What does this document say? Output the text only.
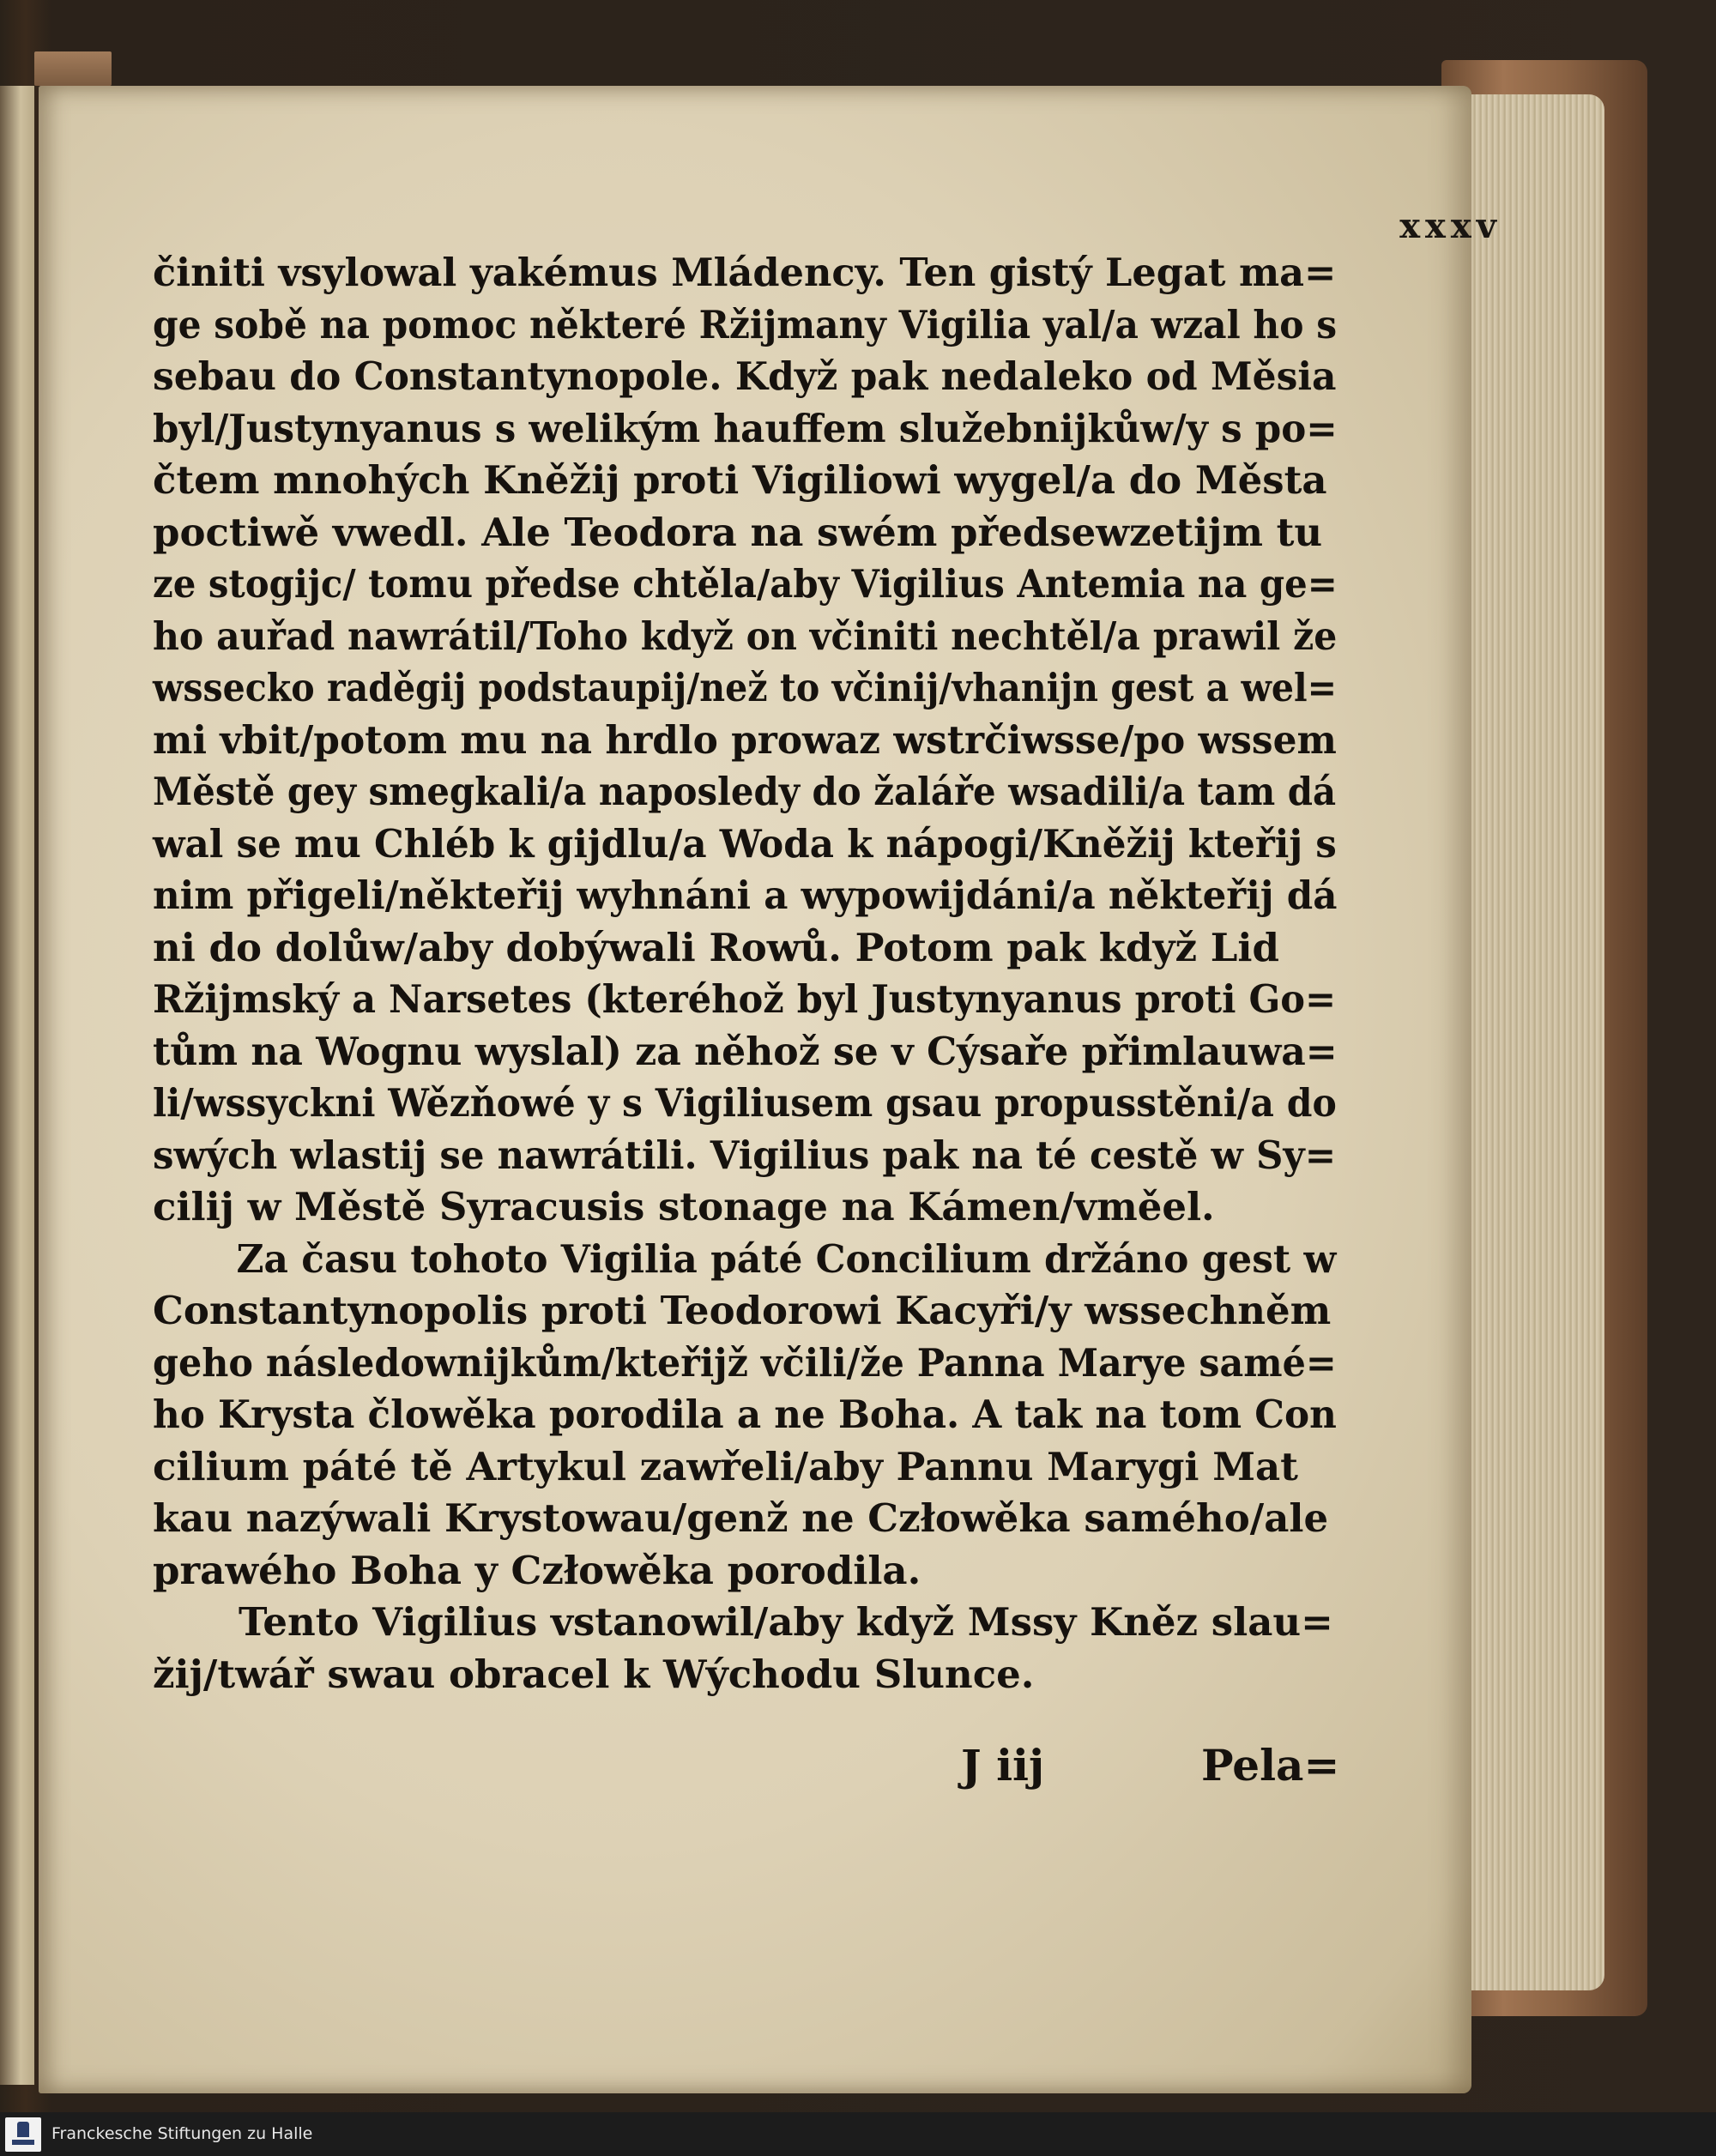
xxxv
činiti vsylowal yakémus Mládency. Ten gistý Legat ma=
ge sobě na pomoc některé Ržijmany Vigilia yal/a wzal ho s
sebau do Constantynopole. Když pak nedaleko od Měsia
byl/Justynyanus s welikým hauffem služebnijkůw/y s po=
čtem mnohých Kněžij proti Vigiliowi wygel/a do Města
poctiwě vwedl. Ale Teodora na swém předsewzetijm tu
ze stogijc/ tomu předse chtěla/aby Vigilius Antemia na ge=
ho auřad nawrátil/Toho když on včiniti nechtěl/a prawil že
wssecko raděgij podstaupij/než to včinij/vhanijn gest a wel=
mi vbit/potom mu na hrdlo prowaz wstrčiwsse/po wssem
Městě gey smegkali/a naposledy do žaláře wsadili/a tam dá
wal se mu Chléb k gijdlu/a Woda k nápogi/Kněžij kteřij s
nim přigeli/někteřij wyhnáni a wypowijdáni/a někteřij dá
ni do dolůw/aby dobýwali Rowů. Potom pak když Lid
Ržijmský a Narsetes (kteréhož byl Justynyanus proti Go=
tům na Wognu wyslal) za něhož se v Cýsaře přimlauwa=
li/wssyckni Wězňowé y s Vigiliusem gsau propusstěni/a do
swých wlastij se nawrátili. Vigilius pak na té cestě w Sy=
cilij w Městě Syracusis stonage na Kámen/vměel.
Za času tohoto Vigilia páté Concilium držáno gest w
Constantynopolis proti Teodorowi Kacyři/y wssechněm
geho následownijkům/kteřijž včili/že Panna Marye samé=
ho Krysta člowěka porodila a ne Boha. A tak na tom Con
cilium páté tě Artykul zawřeli/aby Pannu Marygi Mat
kau nazýwali Krystowau/genž ne Człowěka samého/ale
prawého Boha y Człowěka porodila.
Tento Vigilius vstanowil/aby když Mssy Kněz slau=
žij/twář swau obracel k Wýchodu Slunce.
J iij	Pela=
Franckesche Stiftungen zu Halle
